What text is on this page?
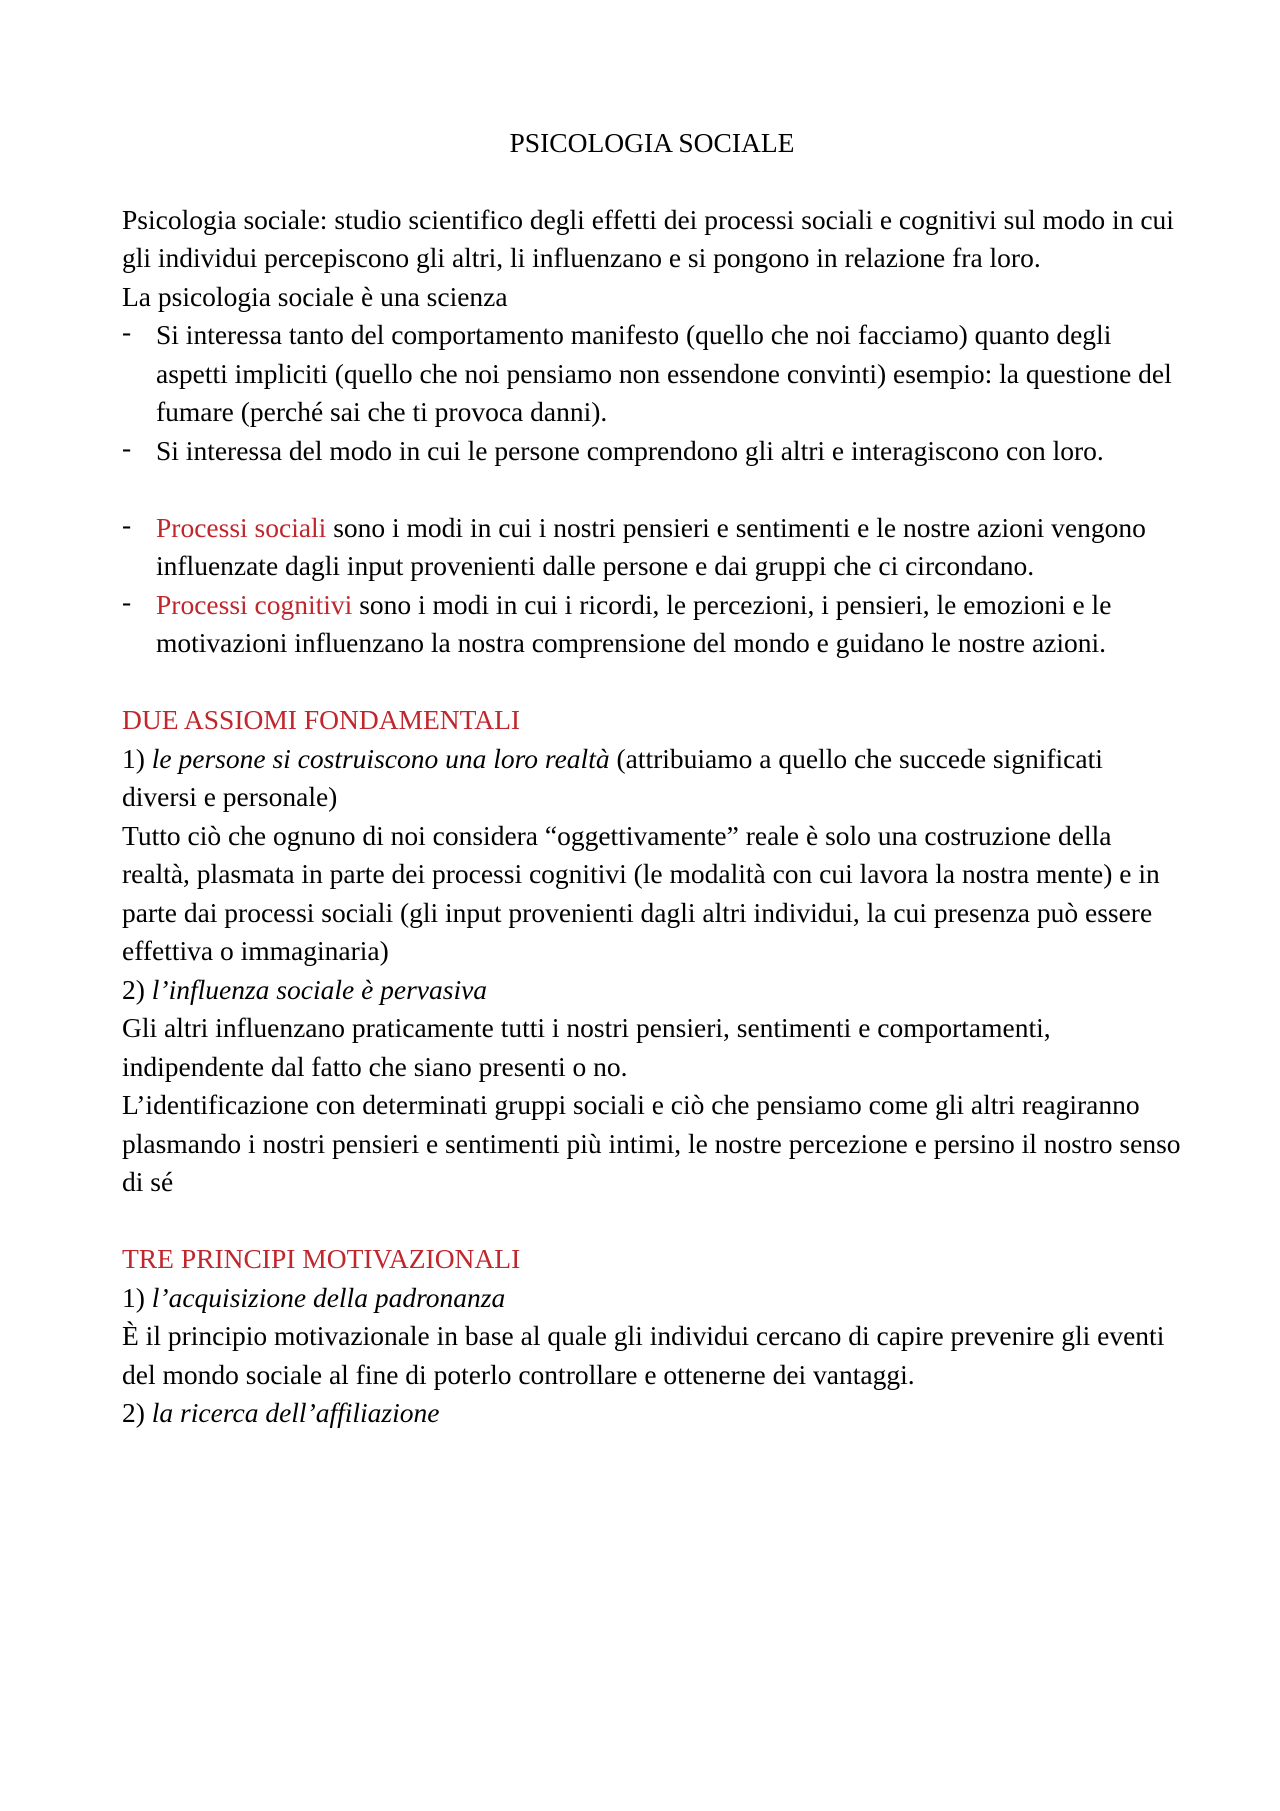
PSICOLOGIA SOCIALE

Psicologia sociale: studio scientifico degli effetti dei processi sociali e cognitivi sul modo in cui gli individui percepiscono gli altri, li influenzano e si pongono in relazione fra loro.

La psicologia sociale è una scienza

- Si interessa tanto del comportamento manifesto (quello che noi facciamo) quanto degli aspetti impliciti (quello che noi pensiamo non essendone convinti) esempio: la questione del fumare (perché sai che ti provoca danni).
- Si interessa del modo in cui le persone comprendono gli altri e interagiscono con loro.
- Processi sociali sono i modi in cui i nostri pensieri e sentimenti e le nostre azioni vengono influenzate dagli input provenienti dalle persone e dai gruppi che ci circondano.
- Processi cognitivi sono i modi in cui i ricordi, le percezioni, i pensieri, le emozioni e le motivazioni influenzano la nostra comprensione del mondo e guidano le nostre azioni.
DUE ASSIOMI FONDAMENTALI

1) le persone si costruiscono una loro realtà (attribuiamo a quello che succede significati diversi e personale)

Tutto ciò che ognuno di noi considera “oggettivamente” reale è solo una costruzione della realtà, plasmata in parte dei processi cognitivi (le modalità con cui lavora la nostra mente) e in parte dai processi sociali (gli input provenienti dagli altri individui, la cui presenza può essere effettiva o immaginaria)

2) l’influenza sociale è pervasiva

Gli altri influenzano praticamente tutti i nostri pensieri, sentimenti e comportamenti, indipendente dal fatto che siano presenti o no.

L’identificazione con determinati gruppi sociali e ciò che pensiamo come gli altri reagiranno plasmando i nostri pensieri e sentimenti più intimi, le nostre percezione e persino il nostro senso di sé

TRE PRINCIPI MOTIVAZIONALI

1) l’acquisizione della padronanza

È il principio motivazionale in base al quale gli individui cercano di capire prevenire gli eventi del mondo sociale al fine di poterlo controllare e ottenerne dei vantaggi.

2) la ricerca dell’affiliazione
